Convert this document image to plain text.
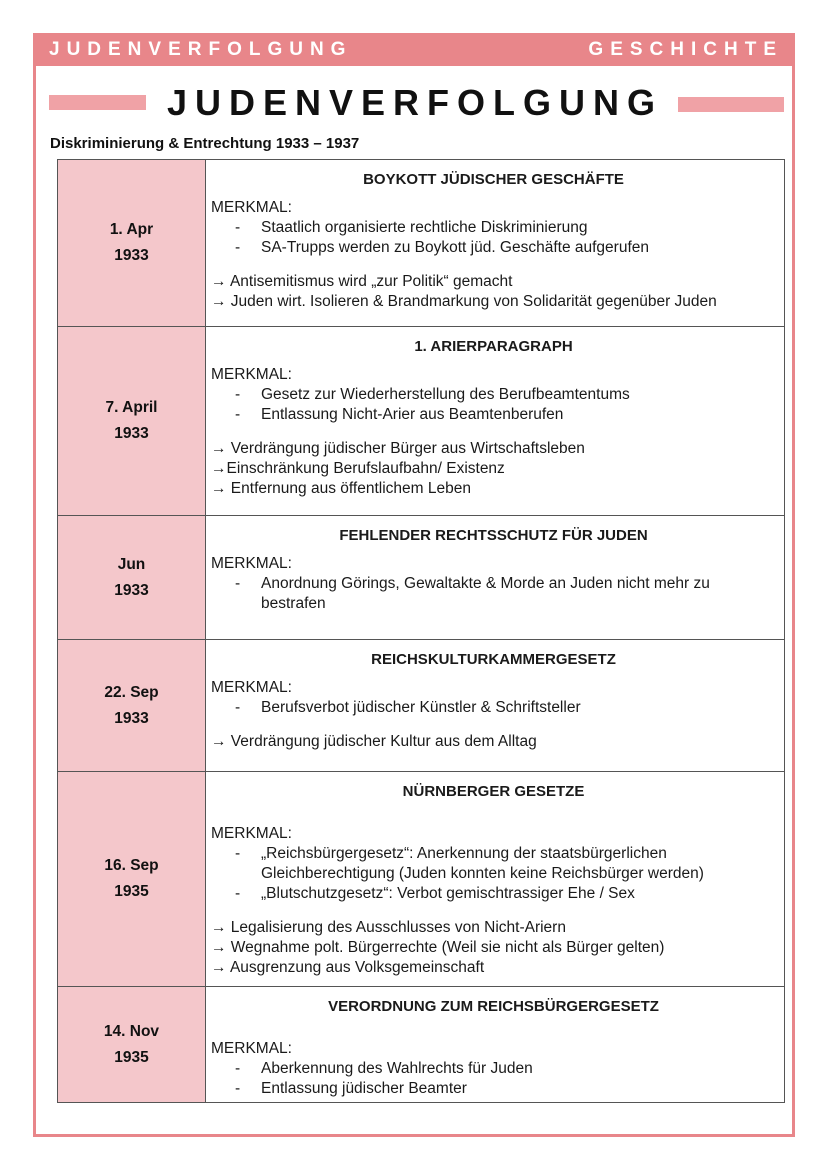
JUDENVERFOLGUNG	GESCHICHTE
JUDENVERFOLGUNG
Diskriminierung & Entrechtung 1933 – 1937
1. Apr
1933
BOYKOTT JÜDISCHER GESCHÄFTE
MERKMAL:
- Staatlich organisierte rechtliche Diskriminierung
- SA-Trupps werden zu Boykott jüd. Geschäfte aufgerufen
→ Antisemitismus wird „zur Politik“ gemacht
→ Juden wirt. Isolieren & Brandmarkung von Solidarität gegenüber Juden
7. April
1933
1. ARIERPARAGRAPH
MERKMAL:
- Gesetz zur Wiederherstellung des Berufbeamtentums
- Entlassung Nicht-Arier aus Beamtenberufen
→ Verdrängung jüdischer Bürger aus Wirtschaftsleben
→Einschränkung Berufslaufbahn/ Existenz
→ Entfernung aus öffentlichem Leben
Jun
1933
FEHLENDER RECHTSSCHUTZ FÜR JUDEN
MERKMAL:
- Anordnung Görings, Gewaltakte & Morde an Juden nicht mehr zu bestrafen
22. Sep
1933
REICHSKULTURKAMMERGESETZ
MERKMAL:
- Berufsverbot jüdischer Künstler & Schriftsteller
→ Verdrängung jüdischer Kultur aus dem Alltag
16. Sep
1935
NÜRNBERGER GESETZE
MERKMAL:
- „Reichsbürgergesetz“: Anerkennung der staatsbürgerlichen Gleichberechtigung (Juden konnten keine Reichsbürger werden)
- „Blutschutzgesetz“: Verbot gemischtrassiger Ehe / Sex
→ Legalisierung des Ausschlusses von Nicht-Ariern
→ Wegnahme polt. Bürgerrechte (Weil sie nicht als Bürger gelten)
→ Ausgrenzung aus Volksgemeinschaft
14. Nov
1935
VERORDNUNG ZUM REICHSBÜRGERGESETZ
MERKMAL:
- Aberkennung des Wahlrechts für Juden
- Entlassung jüdischer Beamter
